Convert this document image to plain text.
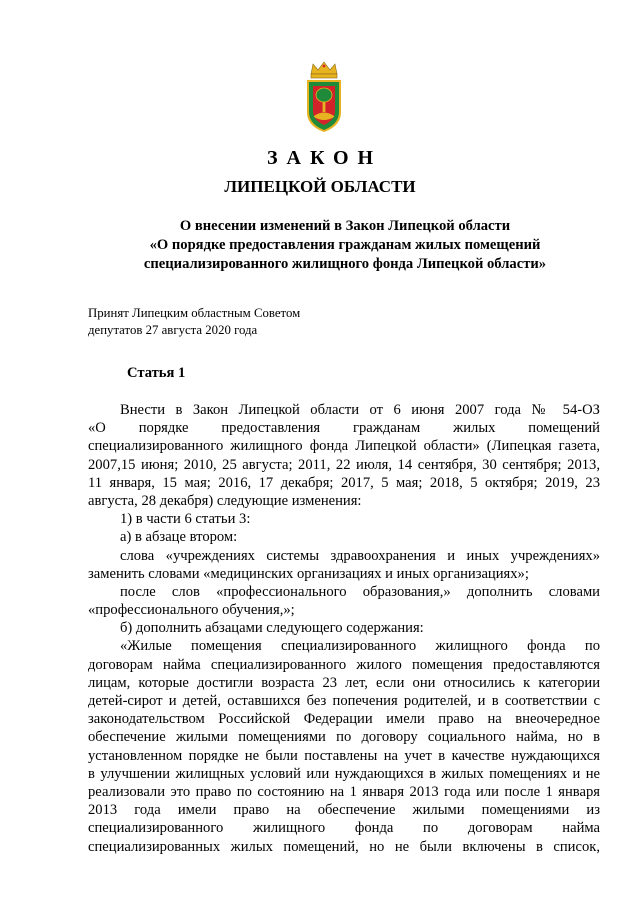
ЗАКОН
ЛИПЕЦКОЙ ОБЛАСТИ
О внесении изменений в Закон Липецкой области
«О порядке предоставления гражданам жилых помещений
специализированного жилищного фонда Липецкой области»
Принят Липецким областным Советом
депутатов 27 августа 2020 года
Статья 1
Внести в Закон Липецкой области от 6 июня 2007 года № 54-ОЗ
«О порядке предоставления гражданам жилых помещений
специализированного жилищного фонда Липецкой области» (Липецкая газета,
2007,15 июня; 2010, 25 августа; 2011, 22 июля, 14 сентября, 30 сентября; 2013,
11 января, 15 мая; 2016, 17 декабря; 2017, 5 мая; 2018, 5 октября; 2019, 23
августа, 28 декабря) следующие изменения:
1) в части 6 статьи 3:
а) в абзаце втором:
слова «учреждениях системы здравоохранения и иных учреждениях»
заменить словами «медицинских организациях и иных организациях»;
после слов «профессионального образования,» дополнить словами
«профессионального обучения,»;
б) дополнить абзацами следующего содержания:
«Жилые помещения специализированного жилищного фонда по
договорам найма специализированного жилого помещения предоставляются
лицам, которые достигли возраста 23 лет, если они относились к категории
детей-сирот и детей, оставшихся без попечения родителей, и в соответствии с
законодательством Российской Федерации имели право на внеочередное
обеспечение жилыми помещениями по договору социального найма, но в
установленном порядке не были поставлены на учет в качестве нуждающихся
в улучшении жилищных условий или нуждающихся в жилых помещениях и не
реализовали это право по состоянию на 1 января 2013 года или после 1 января
2013 года имели право на обеспечение жилыми помещениями из
специализированного жилищного фонда по договорам найма
специализированных жилых помещений, но не были включены в список,
